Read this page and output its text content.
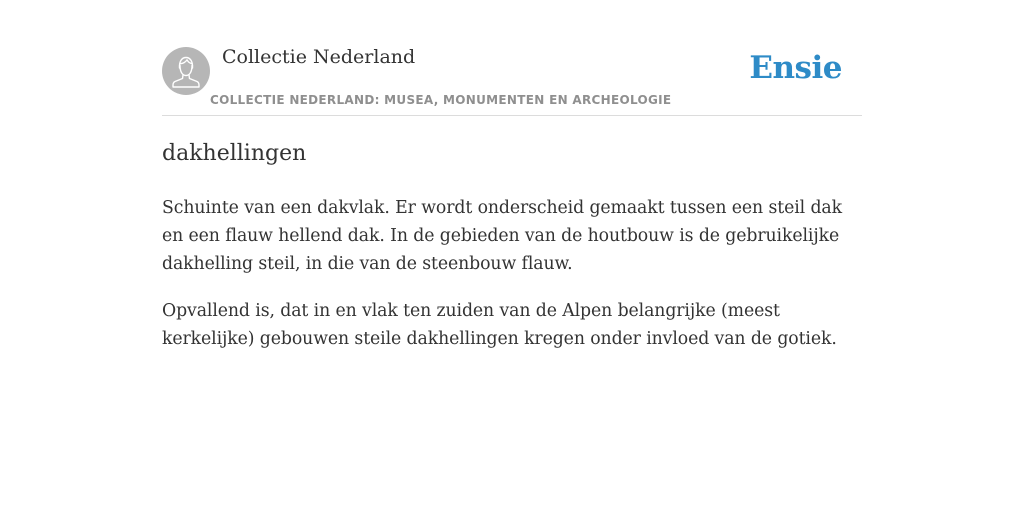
Collectie Nederland
COLLECTIE NEDERLAND: MUSEA, MONUMENTEN EN ARCHEOLOGIE
Ensie
dakhellingen

Schuinte van een dakvlak. Er wordt onderscheid gemaakt tussen een steil dak en een flauw hellend dak. In de gebieden van de houtbouw is de gebruikelijke dakhelling steil, in die van de steenbouw flauw.

Opvallend is, dat in en vlak ten zuiden van de Alpen belangrijke (meest kerkelijke) gebouwen steile dakhellingen kregen onder invloed van de gotiek.
